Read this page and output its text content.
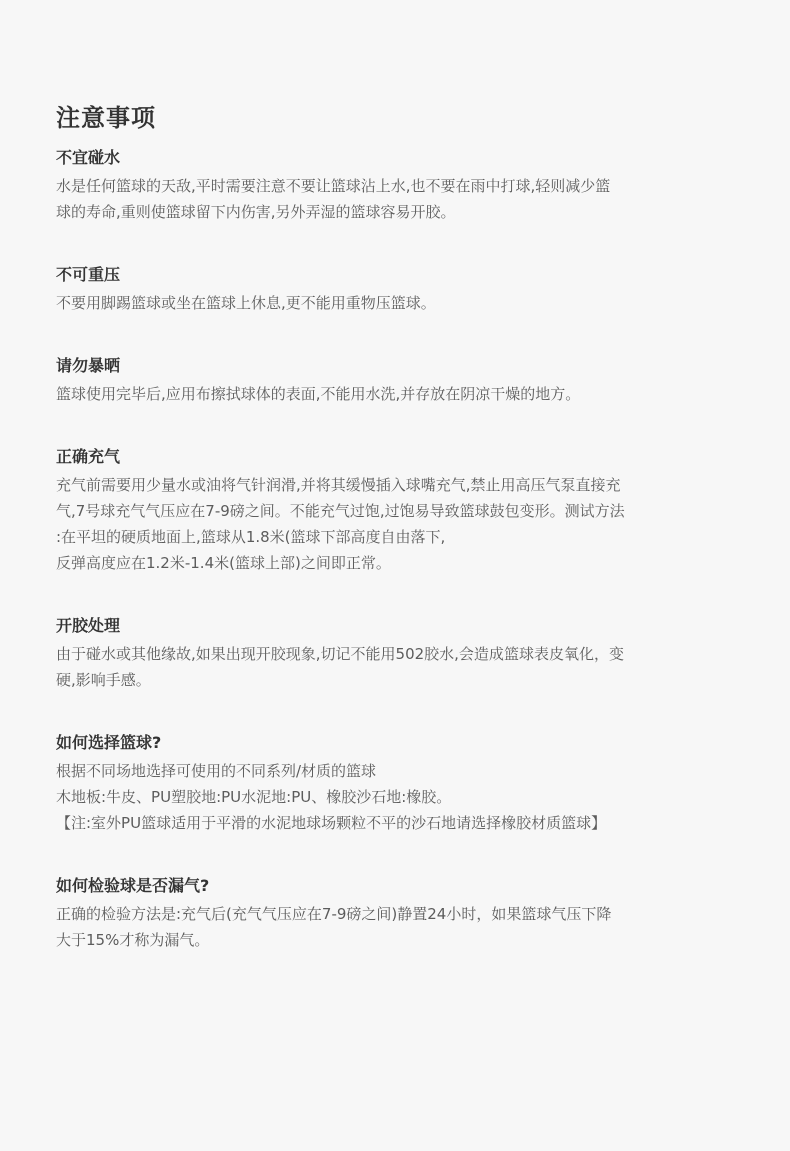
注意事项
不宜碰水

水是任何篮球的天敌,平时需要注意不要让篮球沾上水,也不要在雨中打球,轻则减少篮

球的寿命,重则使篮球留下内伤害,另外弄湿的篮球容易开胶。

不可重压

不要用脚踢篮球或坐在篮球上休息,更不能用重物压篮球。

请勿暴晒

篮球使用完毕后,应用布擦拭球体的表面,不能用水洗,并存放在阴凉干燥的地方。

正确充气

充气前需要用少量水或油将气针润滑,并将其缓慢插入球嘴充气,禁止用高压气泵直接充

气,7号球充气气压应在7-9磅之间。不能充气过饱,过饱易导致篮球鼓包变形。测试方法

:在平坦的硬质地面上,篮球从1.8米(篮球下部高度自由落下,

反弹高度应在1.2米-1.4米(篮球上部)之间即正常。

开胶处理

由于碰水或其他缘故,如果出现开胶现象,切记不能用502胶水,会造成篮球表皮氧化，变

硬,影响手感。

如何选择篮球?

根据不同场地选择可使用的不同系列/材质的篮球

木地板:牛皮、PU塑胶地:PU水泥地:PU、橡胶沙石地:橡胶。

【注:室外PU篮球适用于平滑的水泥地球场颗粒不平的沙石地请选择橡胶材质篮球】

如何检验球是否漏气?

正确的检验方法是:充气后(充气气压应在7-9磅之间)静置24小时，如果篮球气压下降

大于15%才称为漏气。
